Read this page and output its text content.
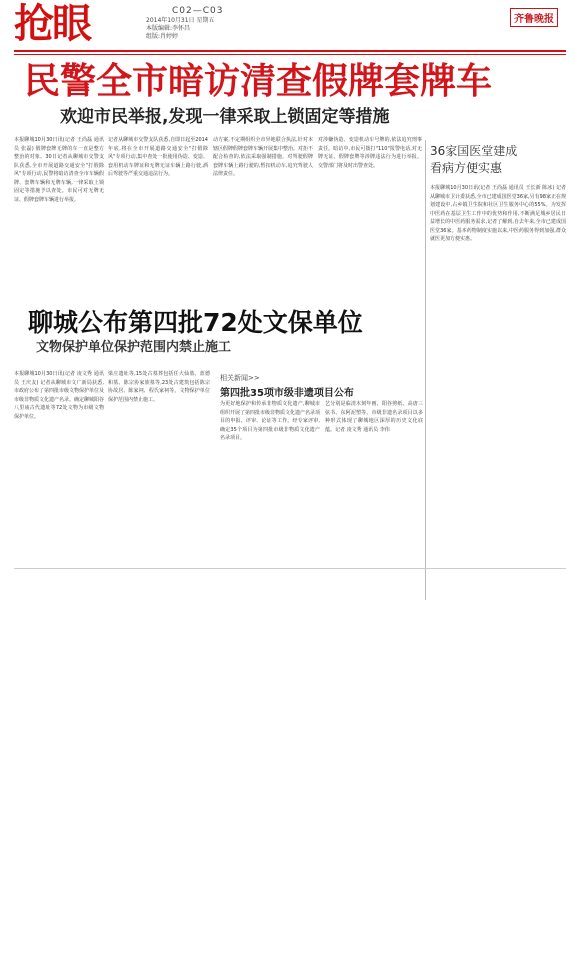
抢眼	C02—C03
2014年10月31日 星期五
本版编辑:李怀昌
组版:肖婷婷
齐鲁晚报
民警全市暗访清查假牌套牌车
欢迎市民举报,发现一律采取上锁固定等措施
本报聊城10月30日讯(记者 王尚磊 通讯员 张磊) 假牌套牌无牌的车一直是整方整治的对象。30日记者从聊城市交警支队获悉,全市开展道路交通安全"打假除风"专项行动,民警将暗访清查全市车辆假牌、套牌车辆和无牌车辆,一律采取上锁固定等措施予以查处。市民可对无牌无证、假牌套牌车辆进行举报。
记者从聊城市交警支队获悉,自即日起至2014年底,将在全市开展道路交通安全"打假除风"专项行动,集中查处一批使用伪造、变造、套用机动车牌证和无牌无证车辆上路行驶,酒后驾驶等严重交通违法行为。
动方案,不定期组织全市异地联合执法,针对本辖区假牌假牌套牌车辆开展集中整治。对拒不配合检查的,依法采取强制措施。对驾驶假牌套牌车辆上路行驶的,暂扣机动车,追究驾驶人法律责任。
对涉嫌伪造、变造机动车号牌的,依法追究刑事责任。暗访中,市民可拨打"110"报警电话,对无牌无证、假牌套牌等涉牌违法行为进行举报。交警部门将及时出警查处。
36家国医堂建成
看病方便实惠
本报聊城10月30日讯(记者 王尚磊 通讯员 王长新 陈冰) 记者从聊城市卫计委获悉,全市已建成国医堂36家,另有98家正在规划建设中,占乡镇卫生院和社区卫生服务中心的55%。为发挥中医药在基层卫生工作中的优势和作用,不断满足城乡居民日益增长的中医药服务需求,记者了解到,自去年来,全市已建成国医堂36家。基本药物制度实施以来,中医药服务得到加强,群众就医更加方便实惠。
聊城公布第四批72处文保单位
文物保护单位保护范围内禁止施工
本报聊城10月30日讯(记者 凌文秀 通讯员 王庆友) 记者从聊城市文广新局获悉,市政府公布了第四批市级文物保护单位及市级非物质文化遗产名录。确定聊城阳谷八里庙古代遗址等72处文物为市级文物保护单位。
梁庄遗址等,15处古墓葬包括任大仙墓、蓝德和墓、陈宗协家族墓等,23处古建筑包括陈宗协故居、陈家祠、程氏家祠等。文物保护单位保护范围内禁止施工。
相关新闻>>
第四批35项市级非遗项目公布
为更好地保护和传承非物质文化遗产,聊城市组织开展了第四批市级非物质文化遗产名录项目的申报、评审、论证等工作。经专家评审,确定35个项目为第四批市级非物质文化遗产名录项目。
艺分别是临清木刻年画、阳谷剪纸、高唐三弦书、东阿泥塑等。市级非遗名录项目以多种形式体现了聊城地区深厚的历史文化底蕴。记者 凌文秀 通讯员 李伟
